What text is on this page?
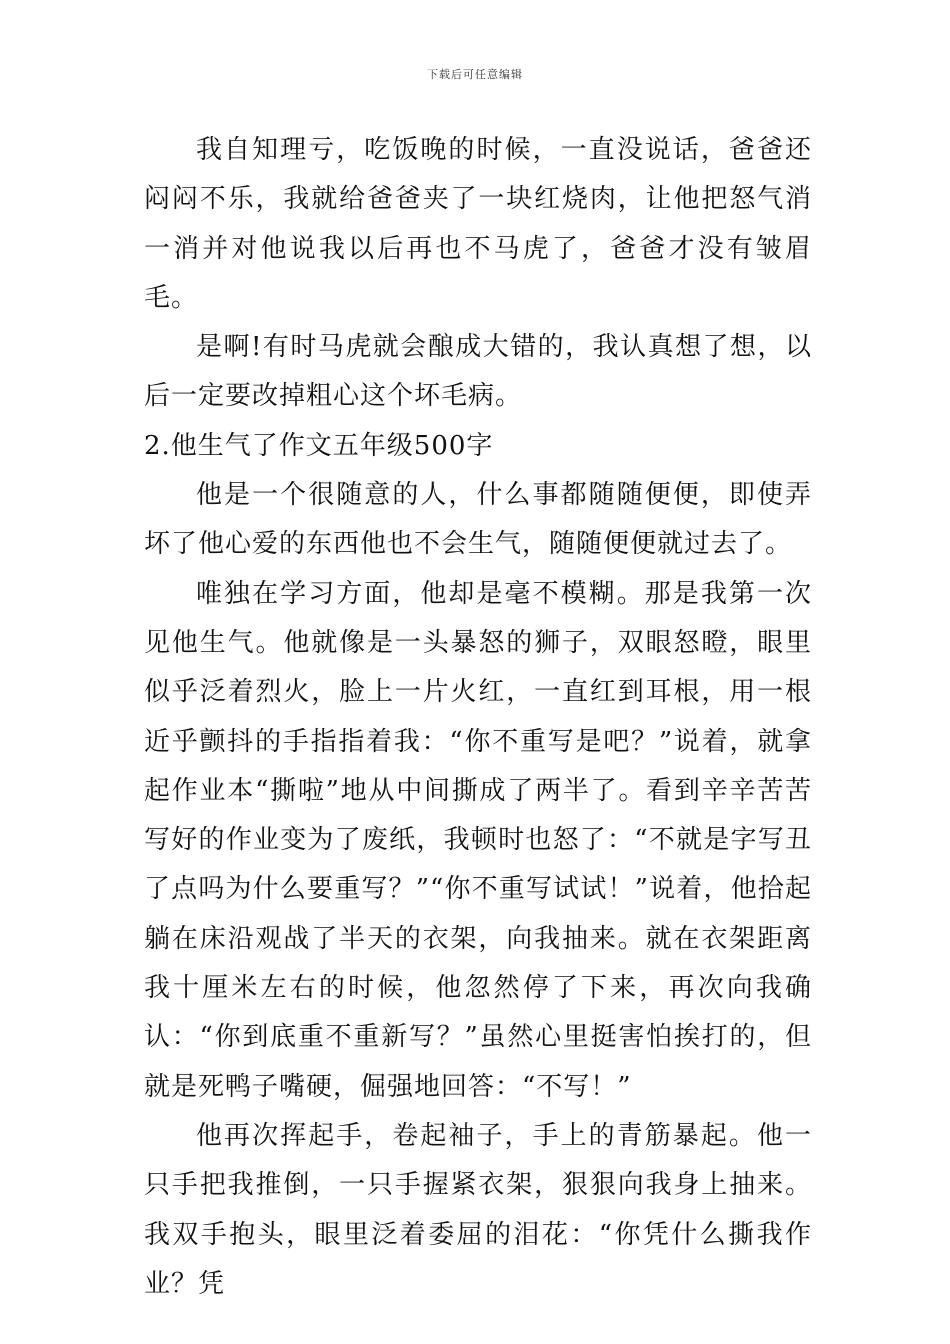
下载后可任意编辑

我自知理亏，吃饭晚的时候，一直没说话，爸爸还闷闷不乐，我就给爸爸夹了一块红烧肉，让他把怒气消一消并对他说我以后再也不马虎了，爸爸才没有皱眉毛。

是啊!有时马虎就会酿成大错的，我认真想了想，以后一定要改掉粗心这个坏毛病。

2.他生气了作文五年级500字

他是一个很随意的人，什么事都随随便便，即使弄坏了他心爱的东西他也不会生气，随随便便就过去了。

唯独在学习方面，他却是毫不模糊。那是我第一次见他生气。他就像是一头暴怒的狮子，双眼怒瞪，眼里似乎泛着烈火，脸上一片火红，一直红到耳根，用一根近乎颤抖的手指指着我：“你不重写是吧？”说着，就拿起作业本“撕啦”地从中间撕成了两半了。看到辛辛苦苦写好的作业变为了废纸，我顿时也怒了：“不就是字写丑了点吗为什么要重写？”“你不重写试试！”说着，他拾起躺在床沿观战了半天的衣架，向我抽来。就在衣架距离我十厘米左右的时候，他忽然停了下来，再次向我确认：“你到底重不重新写？”虽然心里挺害怕挨打的，但就是死鸭子嘴硬，倔强地回答：“不写！”

他再次挥起手，卷起袖子，手上的青筋暴起。他一只手把我推倒，一只手握紧衣架，狠狠向我身上抽来。我双手抱头，眼里泛着委屈的泪花：“你凭什么撕我作业？凭
